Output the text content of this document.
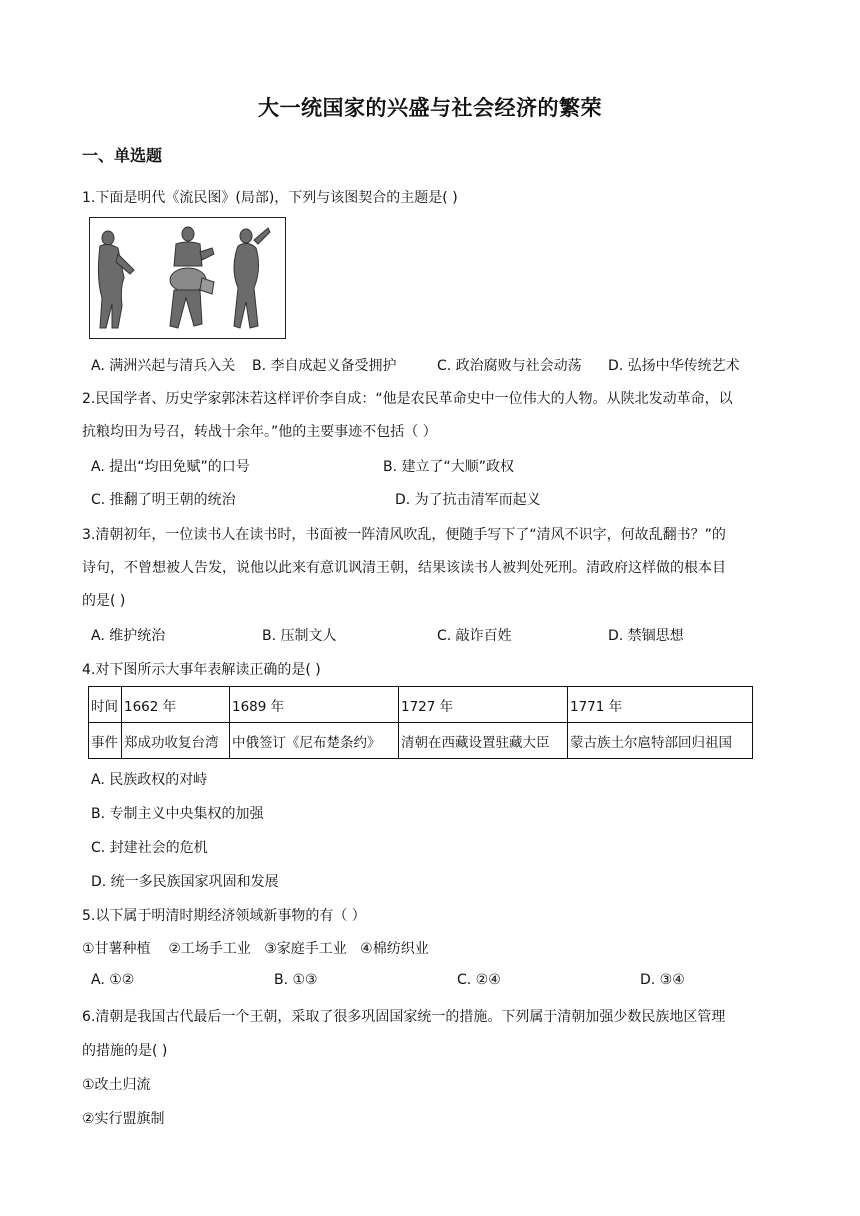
大一统国家的兴盛与社会经济的繁荣
一、单选题
1.下面是明代《流民图》(局部)，下列与该图契合的主题是( )
A. 满洲兴起与清兵入关 B. 李自成起义备受拥护	C. 政治腐败与社会动荡 D. 弘扬中华传统艺术
2.民国学者、历史学家郭沫若这样评价李自成：“他是农民革命史中一位伟大的人物。从陕北发动革命，以
抗粮均田为号召，转战十余年。”他的主要事迹不包括（ ）
A. 提出“均田免赋”的口号	B. 建立了“大顺”政权
C. 推翻了明王朝的统治	D. 为了抗击清军而起义
3.清朝初年，一位读书人在读书时，书面被一阵清风吹乱，便随手写下了“清风不识字，何故乱翻书？”的
诗句，不曾想被人告发，说他以此来有意讥讽清王朝，结果该读书人被判处死刑。清政府这样做的根本目
的是( )
A. 维护统治	B. 压制文人	C. 敲诈百姓	D. 禁锢思想
4.对下图所示大事年表解读正确的是( )
时间	1662 年	1689 年	1727 年	1771 年
事件	郑成功收复台湾	中俄签订《尼布楚条约》	清朝在西藏设置驻藏大臣	蒙古族土尔扈特部回归祖国
A. 民族政权的对峙
B. 专制主义中央集权的加强
C. 封建社会的危机
D. 统一多民族国家巩固和发展
5.以下属于明清时期经济领域新事物的有（ ）
①甘薯种植    ②工场手工业   ③家庭手工业   ④棉纺织业
A. ①②	B. ①③	C. ②④	D. ③④
6.清朝是我国古代最后一个王朝，采取了很多巩固国家统一的措施。下列属于清朝加强少数民族地区管理
的措施的是( )
①改土归流
②实行盟旗制
